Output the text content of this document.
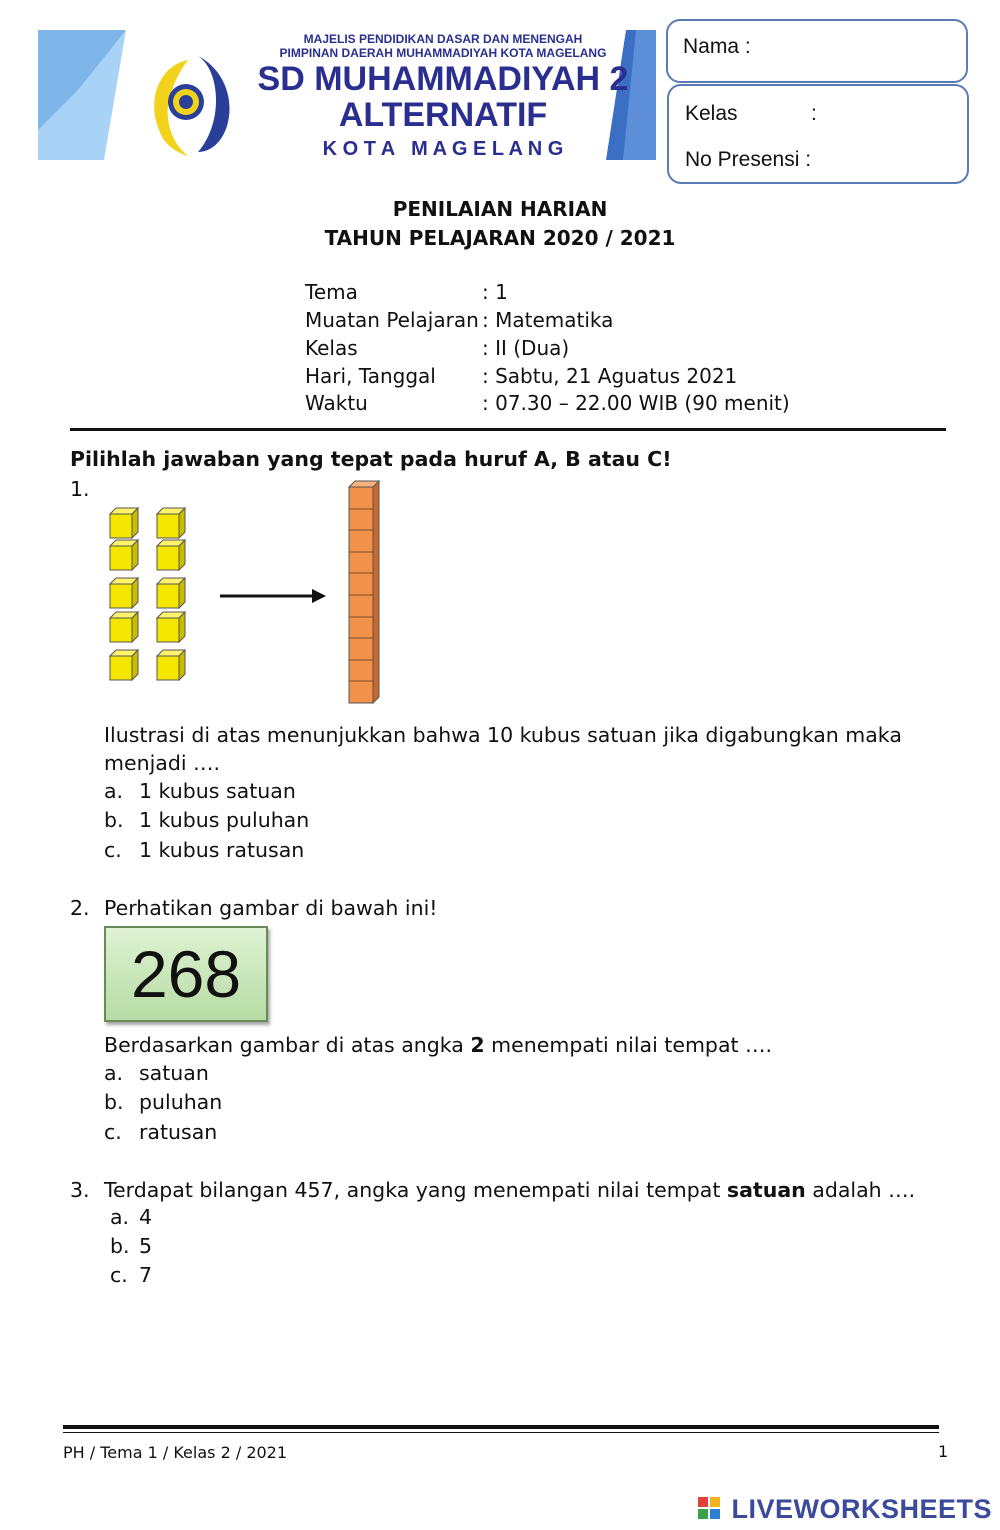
MAJELIS PENDIDIKAN DASAR DAN MENENGAH
PIMPINAN DAERAH MUHAMMADIYAH KOTA MAGELANG
SD MUHAMMADIYAH 2
ALTERNATIF
K O T A   M A G E L A N G
Nama :
Kelas	:
No Presensi :
PENILAIAN HARIAN
TAHUN PELAJARAN 2020 / 2021
Tema	: 1
Muatan Pelajaran : Matematika
Kelas	: II (Dua)
Hari, Tanggal : Sabtu, 21 Aguatus 2021
Waktu	: 07.30 – 22.00 WIB (90 menit)
Pilihlah jawaban yang tepat pada huruf A, B atau C!
1.
Ilustrasi di atas menunjukkan bahwa 10 kubus satuan jika digabungkan maka
menjadi ….
a. 1 kubus satuan
b. 1 kubus puluhan
c. 1 kubus ratusan
2. Perhatikan gambar di bawah ini!
268
Berdasarkan gambar di atas angka 2 menempati nilai tempat ….
a. satuan
b. puluhan
c. ratusan
3. Terdapat bilangan 457, angka yang menempati nilai tempat satuan adalah ….
a. 4
b. 5
c. 7
PH / Tema 1 / Kelas 2 / 2021	1
LIVEWORKSHEETS
